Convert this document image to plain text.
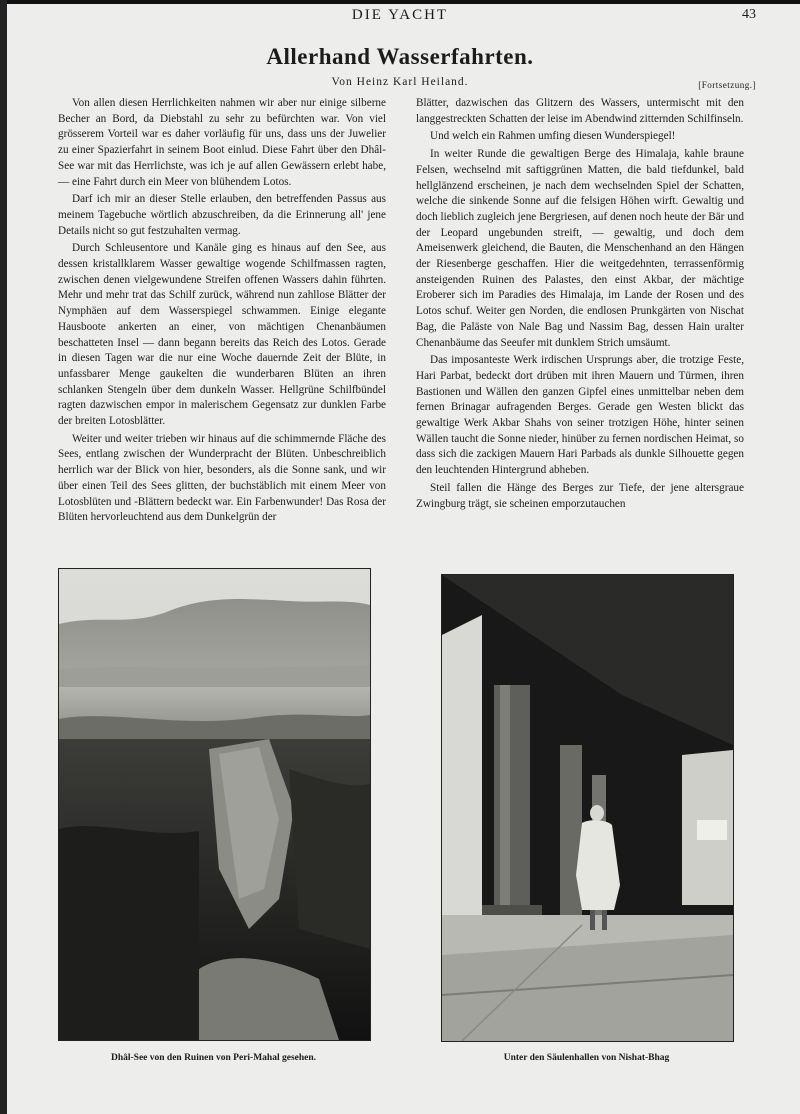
DIE YACHT	43
Allerhand Wasserfahrten.
Von Heinz Karl Heiland.	[Fortsetzung.]

Von allen diesen Herrlichkeiten nahmen wir aber nur einige silberne Becher an Bord, da Diebstahl zu sehr zu befürchten war. Von viel grösserem Vorteil war es daher vorläufig für uns, dass uns der Juwelier zu einer Spazierfahrt in seinem Boot einlud. Diese Fahrt über den Dhâl-See war mit das Herrlichste, was ich je auf allen Gewässern erlebt habe, — eine Fahrt durch ein Meer von blühendem Lotos.

Darf ich mir an dieser Stelle erlauben, den betreffenden Passus aus meinem Tagebuche wörtlich abzuschreiben, da die Erinnerung all' jene Details nicht so gut festzuhalten vermag.

Durch Schleusentore und Kanäle ging es hinaus auf den See, aus dessen kristallklarem Wasser gewaltige wogende Schilfmassen ragten, zwischen denen vielgewundene Streifen offenen Wassers dahin führten. Mehr und mehr trat das Schilf zurück, während nun zahllose Blätter der Nymphäen auf dem Wasserspiegel schwammen. Einige elegante Hausboote ankerten an einer, von mächtigen Chenanbäumen beschatteten Insel — dann begann bereits das Reich des Lotos. Gerade in diesen Tagen war die nur eine Woche dauernde Zeit der Blüte, in unfassbarer Menge gaukelten die wunderbaren Blüten an ihren schlanken Stengeln über dem dunkeln Wasser. Hellgrüne Schilfbündel ragten dazwischen empor in malerischem Gegensatz zur dunklen Farbe der breiten Lotosblätter.

Weiter und weiter trieben wir hinaus auf die schimmernde Fläche des Sees, entlang zwischen der Wunderpracht der Blüten. Unbeschreiblich herrlich war der Blick von hier, besonders, als die Sonne sank, und wir über einen Teil des Sees glitten, der buchstäblich mit einem Meer von Lotosblüten und -Blättern bedeckt war. Ein Farbenwunder! Das Rosa der Blüten hervorleuchtend aus dem Dunkelgrün der

Blätter, dazwischen das Glitzern des Wassers, untermischt mit den langgestreckten Schatten der leise im Abendwind zitternden Schilfinseln.

Und welch ein Rahmen umfing diesen Wunderspiegel!

In weiter Runde die gewaltigen Berge des Himalaja, kahle braune Felsen, wechselnd mit saftiggrünen Matten, die bald tiefdunkel, bald hellglänzend erscheinen, je nach dem wechselnden Spiel der Schatten, welche die sinkende Sonne auf die felsigen Höhen wirft. Gewaltig und doch lieblich zugleich jene Bergriesen, auf denen noch heute der Bär und der Leopard ungebunden streift, — gewaltig, und doch dem Ameisenwerk gleichend, die Bauten, die Menschenhand an den Hängen der Riesenberge geschaffen. Hier die weitgedehnten, terrassenförmig ansteigenden Ruinen des Palastes, den einst Akbar, der mächtige Eroberer sich im Paradies des Himalaja, im Lande der Rosen und des Lotos schuf. Weiter gen Norden, die endlosen Prunkgärten von Nischat Bag, die Paläste von Nale Bag und Nassim Bag, dessen Hain uralter Chenanbäume das Seeufer mit dunklem Strich umsäumt.

Das imposanteste Werk irdischen Ursprungs aber, die trotzige Feste, Hari Parbat, bedeckt dort drüben mit ihren Mauern und Türmen, ihren Bastionen und Wällen den ganzen Gipfel eines unmittelbar neben dem fernen Brinagar aufragenden Berges. Gerade gen Westen blickt das gewaltige Werk Akbar Shahs von seiner trotzigen Höhe, hinter seinen Wällen taucht die Sonne nieder, hinüber zu fernen nordischen Heimat, so dass sich die zackigen Mauern Hari Parbads als dunkle Silhouette gegen den leuchtenden Hintergrund abheben.

Steil fallen die Hänge des Berges zur Tiefe, der jene altersgraue Zwingburg trägt, sie scheinen emporzutauchen

Dhâl-See von den Ruinen von Peri-Mahal gesehen.	Unter den Säulenhallen von Nishat-Bhag
